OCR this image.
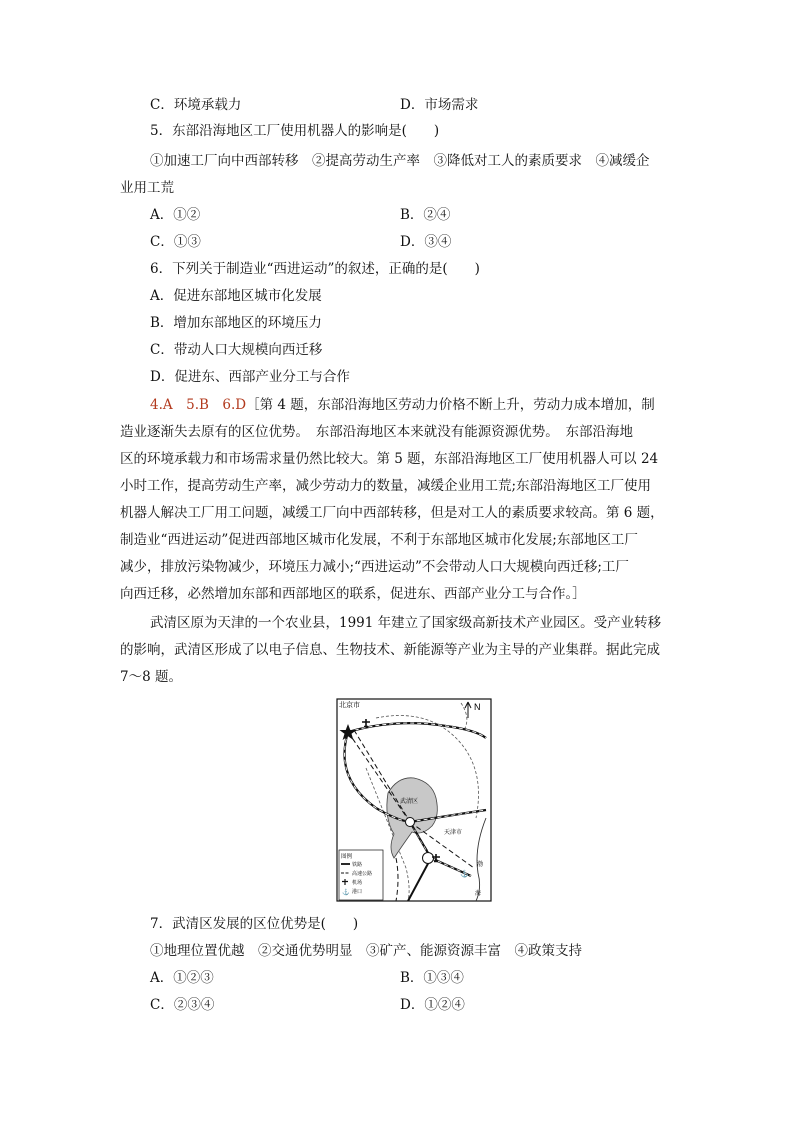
C．环境承载力	D．市场需求
5．东部沿海地区工厂使用机器人的影响是(　　)
①加速工厂向中西部转移　②提高劳动生产率　③降低对工人的素质要求　④减缓企
业用工荒
A．①②	B．②④
C．①③	D．③④
6．下列关于制造业“西进运动”的叙述，正确的是(　　)
A．促进东部地区城市化发展
B．增加东部地区的环境压力
C．带动人口大规模向西迁移
D．促进东、西部产业分工与合作
4.A　5.B　6.D［第 4 题，东部沿海地区劳动力价格不断上升，劳动力成本增加，制
造业逐渐失去原有的区位优势。　东部沿海地区本来就没有能源资源优势。　东部沿海地
区的环境承载力和市场需求量仍然比较大。第 5 题，东部沿海地区工厂使用机器人可以 24
小时工作，提高劳动生产率，减少劳动力的数量，减缓企业用工荒;东部沿海地区工厂使用
机器人解决工厂用工问题，减缓工厂向中西部转移，但是对工人的素质要求较高。第 6 题，
制造业“西进运动”促进西部地区城市化发展，不利于东部地区城市化发展;东部地区工厂
减少，排放污染物减少，环境压力减小;“西进运动”不会带动人口大规模向西迁移;工厂
向西迁移，必然增加东部和西部地区的联系，促进东、西部产业分工与合作。］
武清区原为天津的一个农业县，1991 年建立了国家级高新技术产业园区。受产业转移
的影响，武清区形成了以电子信息、生物技术、新能源等产业为主导的产业集群。据此完成
7～8 题。
⚓
N
北京市
武清区
天津市
渤
海
图例
铁路
高速公路
机场
⚓ 港口
7．武清区发展的区位优势是(　　)
①地理位置优越　②交通优势明显　③矿产、能源资源丰富　④政策支持
A．①②③	B．①③④
C．②③④	D．①②④
